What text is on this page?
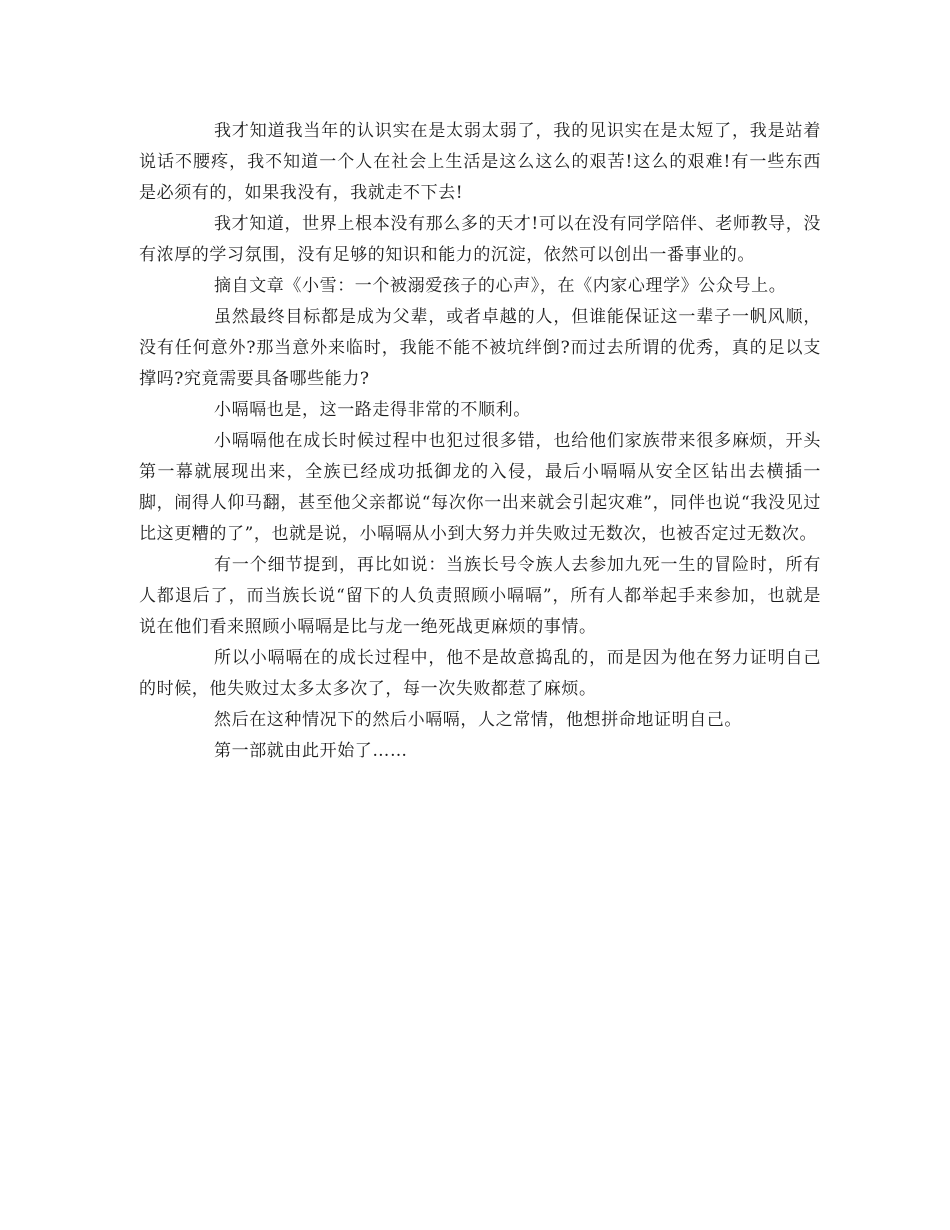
我才知道我当年的认识实在是太弱太弱了，我的见识实在是太短了，我是站着说话不腰疼，我不知道一个人在社会上生活是这么这么的艰苦!这么的艰难!有一些东西是必须有的，如果我没有，我就走不下去!

我才知道，世界上根本没有那么多的天才!可以在没有同学陪伴、老师教导，没有浓厚的学习氛围，没有足够的知识和能力的沉淀，依然可以创出一番事业的。

摘自文章《小雪：一个被溺爱孩子的心声》，在《内家心理学》公众号上。

虽然最终目标都是成为父辈，或者卓越的人，但谁能保证这一辈子一帆风顺，没有任何意外?那当意外来临时，我能不能不被坑绊倒?而过去所谓的优秀，真的足以支撑吗?究竟需要具备哪些能力?

小嗝嗝也是，这一路走得非常的不顺利。

小嗝嗝他在成长时候过程中也犯过很多错，也给他们家族带来很多麻烦，开头第一幕就展现出来，全族已经成功抵御龙的入侵，最后小嗝嗝从安全区钻出去横插一脚，闹得人仰马翻，甚至他父亲都说“每次你一出来就会引起灾难”，同伴也说“我没见过比这更糟的了”，也就是说，小嗝嗝从小到大努力并失败过无数次，也被否定过无数次。

有一个细节提到，再比如说：当族长号令族人去参加九死一生的冒险时，所有人都退后了，而当族长说“留下的人负责照顾小嗝嗝”，所有人都举起手来参加，也就是说在他们看来照顾小嗝嗝是比与龙一绝死战更麻烦的事情。

所以小嗝嗝在的成长过程中，他不是故意捣乱的，而是因为他在努力证明自己的时候，他失败过太多太多次了，每一次失败都惹了麻烦。

然后在这种情况下的然后小嗝嗝，人之常情，他想拼命地证明自己。

第一部就由此开始了……
